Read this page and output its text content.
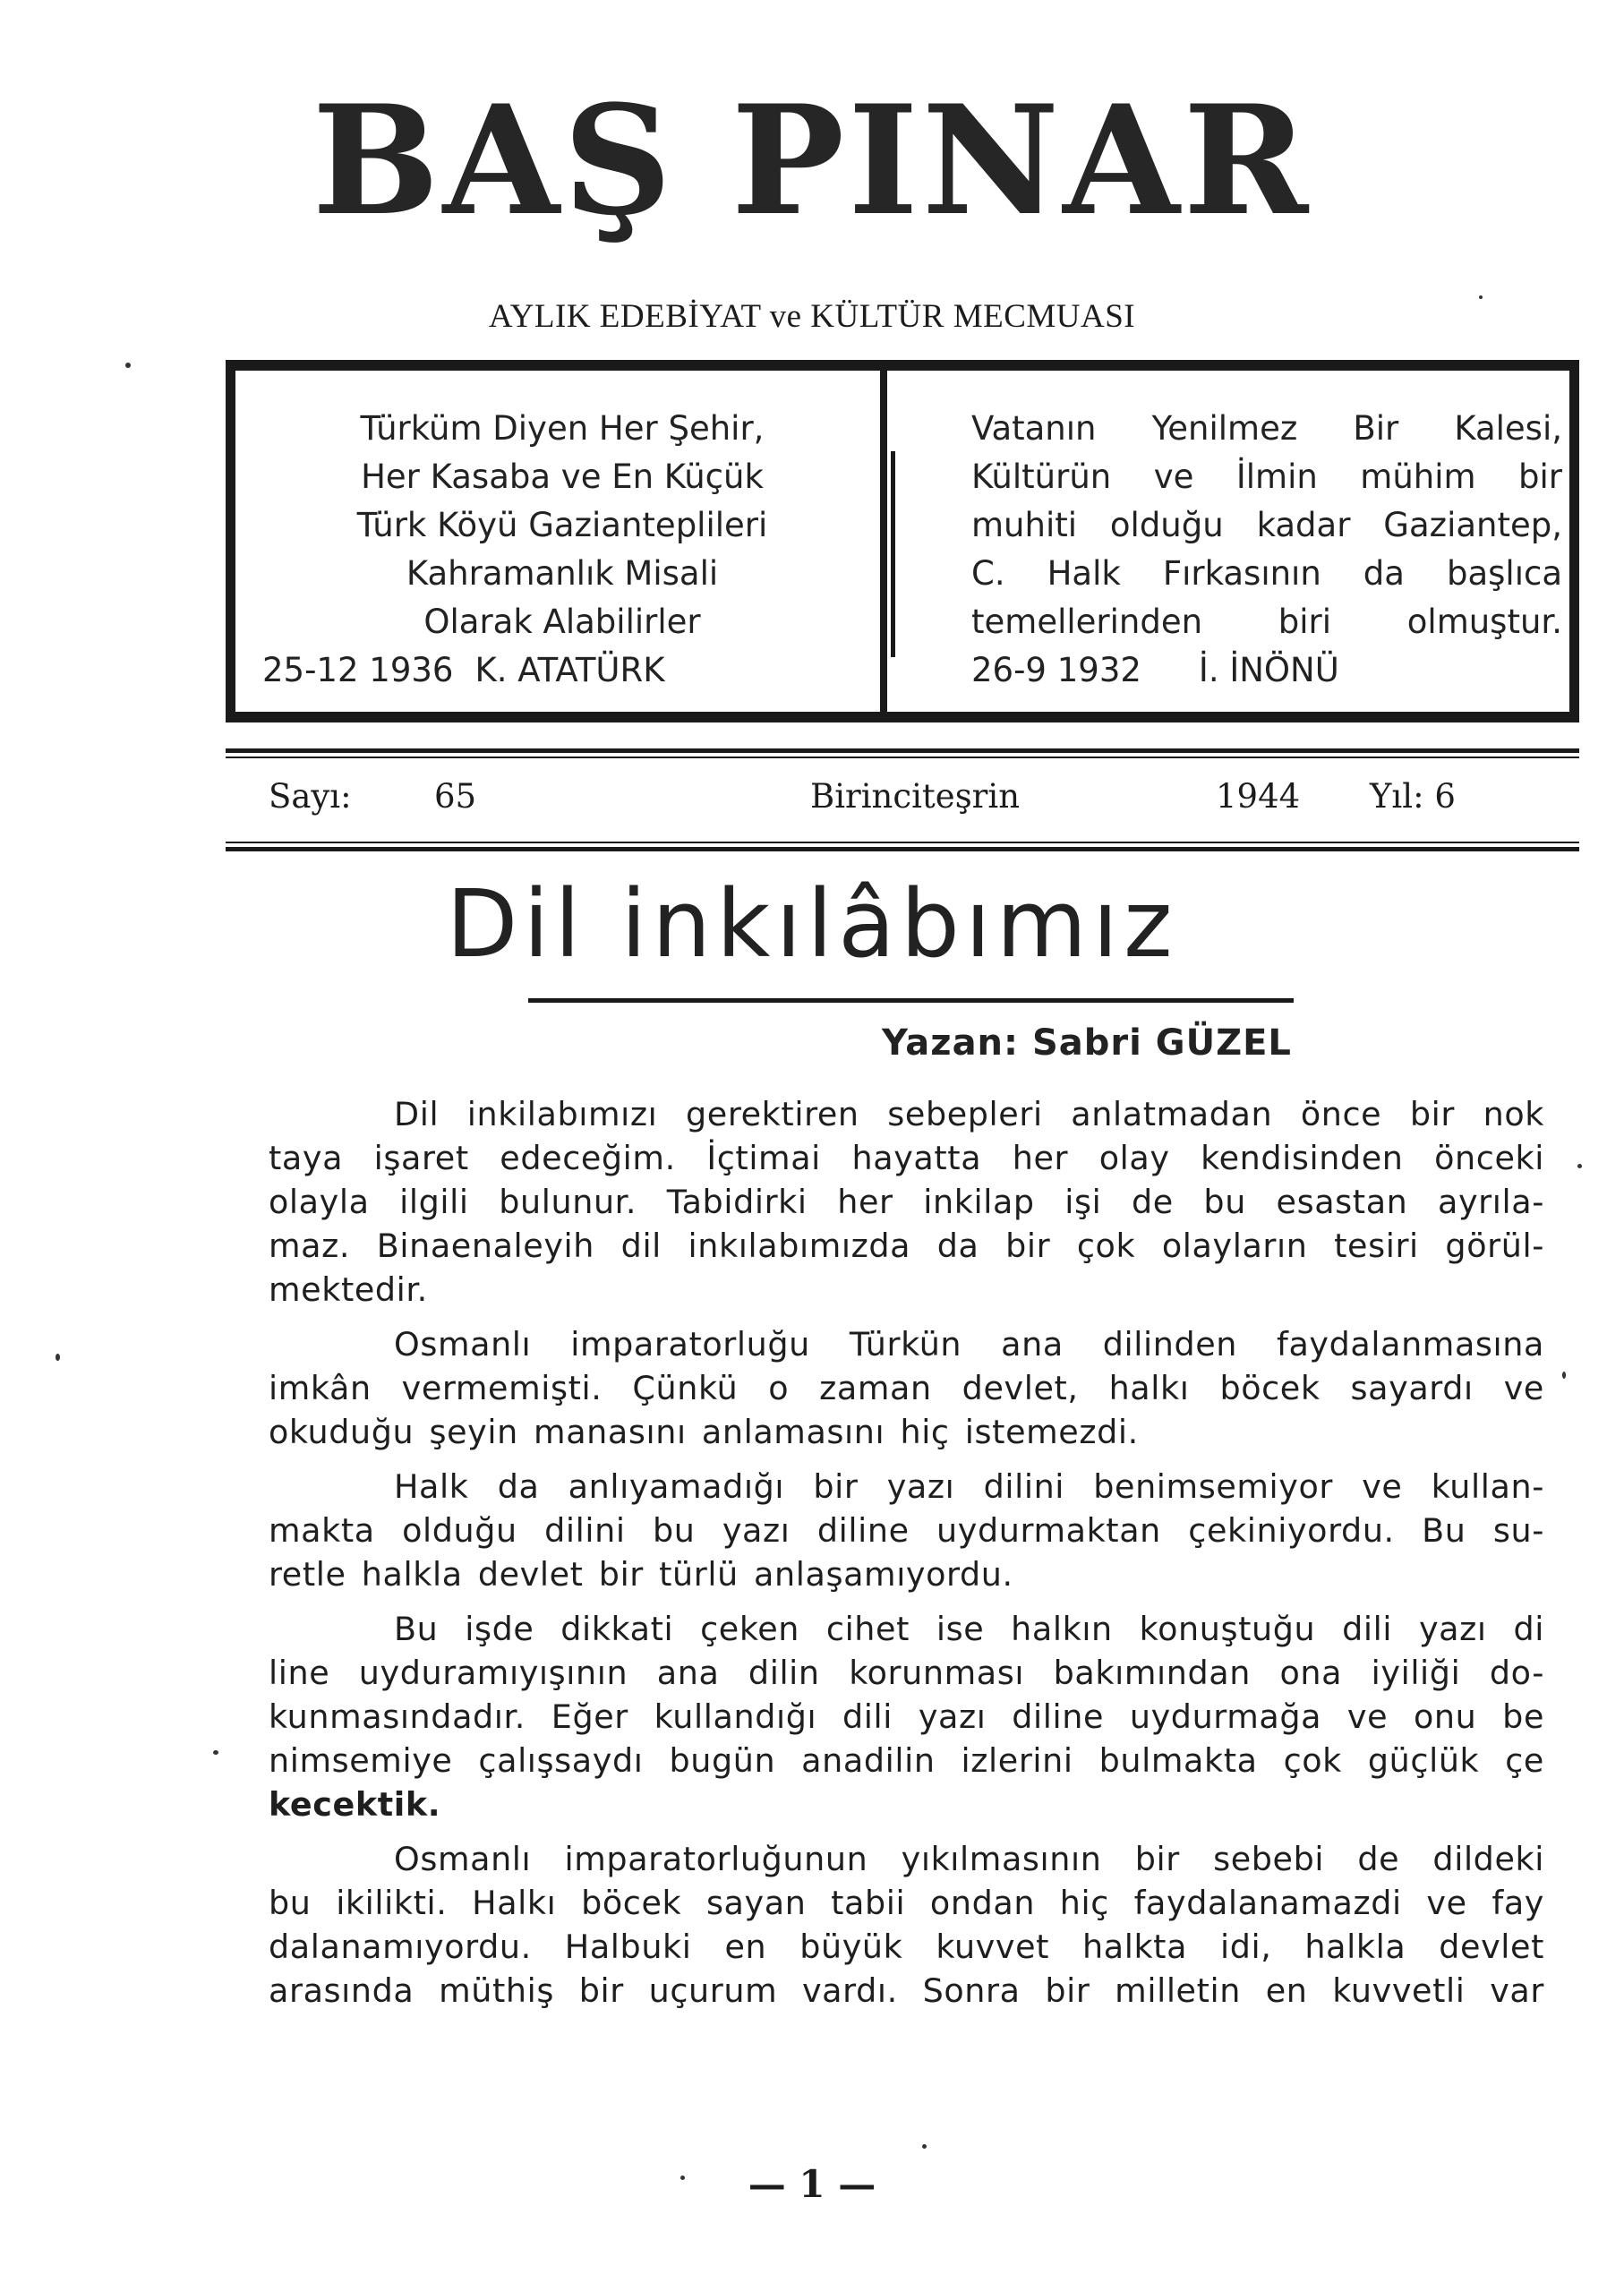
BAŞ PINAR
AYLIK EDEBİYAT ve KÜLTÜR MECMUASI
Türküm Diyen Her Şehir,
Her Kasaba ve En Küçük
Türk Köyü Gazianteplileri
Kahramanlık Misali
Olarak Alabilirler
25-12 1936 K. ATATÜRK
Vatanın Yenilmez Bir Kalesi,
Kültürün ve İlmin mühim bir
muhiti olduğu kadar Gaziantep,
C. Halk Fırkasının da başlıca
temellerinden biri olmuştur.
26-9 1932 İ. İNÖNÜ
Sayı: 65	Birinciteşrin	1944 Yıl: 6
Dil inkılâbımız
Yazan: Sabri GÜZEL
Dil inkilabımızı gerektiren sebepleri anlatmadan önce bir nok
taya işaret edeceğim. İçtimai hayatta her olay kendisinden önceki
olayla ilgili bulunur. Tabidirki her inkilap işi de bu esastan ayrıla-
maz. Binaenaleyih dil inkılabımızda da bir çok olayların tesiri görül-
mektedir.
Osmanlı imparatorluğu Türkün ana dilinden faydalanmasına
imkân vermemişti. Çünkü o zaman devlet, halkı böcek sayardı ve
okuduğu şeyin manasını anlamasını hiç istemezdi.
Halk da anlıyamadığı bir yazı dilini benimsemiyor ve kullan-
makta olduğu dilini bu yazı diline uydurmaktan çekiniyordu. Bu su-
retle halkla devlet bir türlü anlaşamıyordu.
Bu işde dikkati çeken cihet ise halkın konuştuğu dili yazı di
line uyduramıyışının ana dilin korunması bakımından ona iyiliği do-
kunmasındadır. Eğer kullandığı dili yazı diline uydurmağa ve onu be
nimsemiye çalışsaydı bugün anadilin izlerini bulmakta çok güçlük çe
kecektik.
Osmanlı imparatorluğunun yıkılmasının bir sebebi de dildeki
bu ikilikti. Halkı böcek sayan tabii ondan hiç faydalanamazdi ve fay
dalanamıyordu. Halbuki en büyük kuvvet halkta idi, halkla devlet
arasında müthiş bir uçurum vardı. Sonra bir milletin en kuvvetli var
— 1 —
